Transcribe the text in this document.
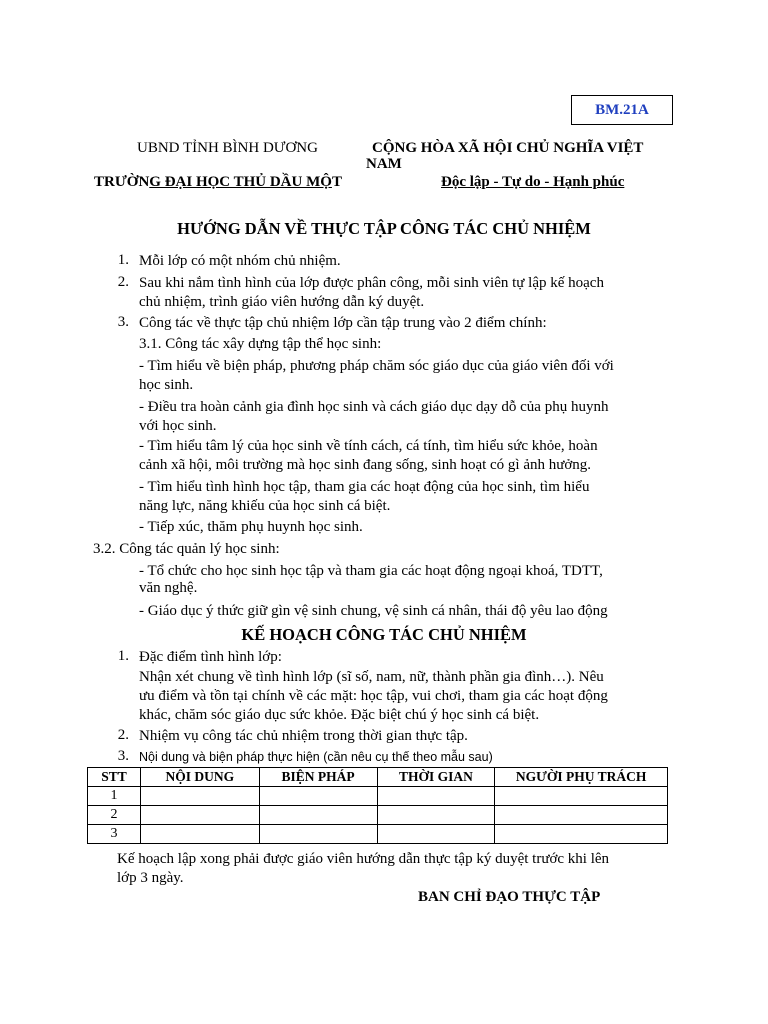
BM.21A
UBND TỈNH BÌNH DƯƠNG	CỘNG HÒA XÃ HỘI CHỦ NGHĨA VIỆT
NAM
TRƯỜNG ĐẠI HỌC THỦ DẦU MỘT	Độc lập - Tự do - Hạnh phúc
HƯỚNG DẪN VỀ THỰC TẬP CÔNG TÁC CHỦ NHIỆM
1. Mỗi lớp có một nhóm chủ nhiệm.
2. Sau khi nắm tình hình của lớp được phân công, mỗi sinh viên tự lập kế hoạch
chủ nhiệm, trình giáo viên hướng dẫn ký duyệt.
3. Công tác về thực tập chủ nhiệm lớp cần tập trung vào 2 điểm chính:
3.1. Công tác xây dựng tập thể học sinh:
- Tìm hiểu về biện pháp, phương pháp chăm sóc giáo dục của giáo viên đối với
học sinh.
- Điều tra hoàn cảnh gia đình học sinh và cách giáo dục dạy dỗ của phụ huynh
với học sinh.
- Tìm hiểu tâm lý của học sinh về tính cách, cá tính, tìm hiểu sức khỏe, hoàn
cảnh xã hội, môi trường mà học sinh đang sống, sinh hoạt có gì ảnh hưởng.
- Tìm hiểu tình hình học tập, tham gia các hoạt động của học sinh, tìm hiểu
năng lực, năng khiếu của học sinh cá biệt.
- Tiếp xúc, thăm phụ huynh học sinh.
3.2. Công tác quản lý học sinh:
- Tổ chức cho học sinh học tập và tham gia các hoạt động ngoại khoá, TDTT,
văn nghệ.
- Giáo dục ý thức giữ gìn vệ sinh chung, vệ sinh cá nhân, thái độ yêu lao động
KẾ HOẠCH CÔNG TÁC CHỦ NHIỆM
1. Đặc điểm tình hình lớp:
Nhận xét chung về tình hình lớp (sĩ số, nam, nữ, thành phần gia đình…). Nêu
ưu điểm và tồn tại chính về các mặt: học tập, vui chơi, tham gia các hoạt động
khác, chăm sóc giáo dục sức khỏe. Đặc biệt chú ý học sinh cá biệt.
2. Nhiệm vụ công tác chủ nhiệm trong thời gian thực tập.
3. Nội dung và biện pháp thực hiện (cần nêu cụ thế theo mẫu sau)
STT	NỘI DUNG	BIỆN PHÁP	THỜI GIAN	NGƯỜI PHỤ TRÁCH
1				
2				
3				
Kế hoạch lập xong phải được giáo viên hướng dẫn thực tập ký duyệt trước khi lên
lớp 3 ngày.
BAN CHỈ ĐẠO THỰC TẬP
